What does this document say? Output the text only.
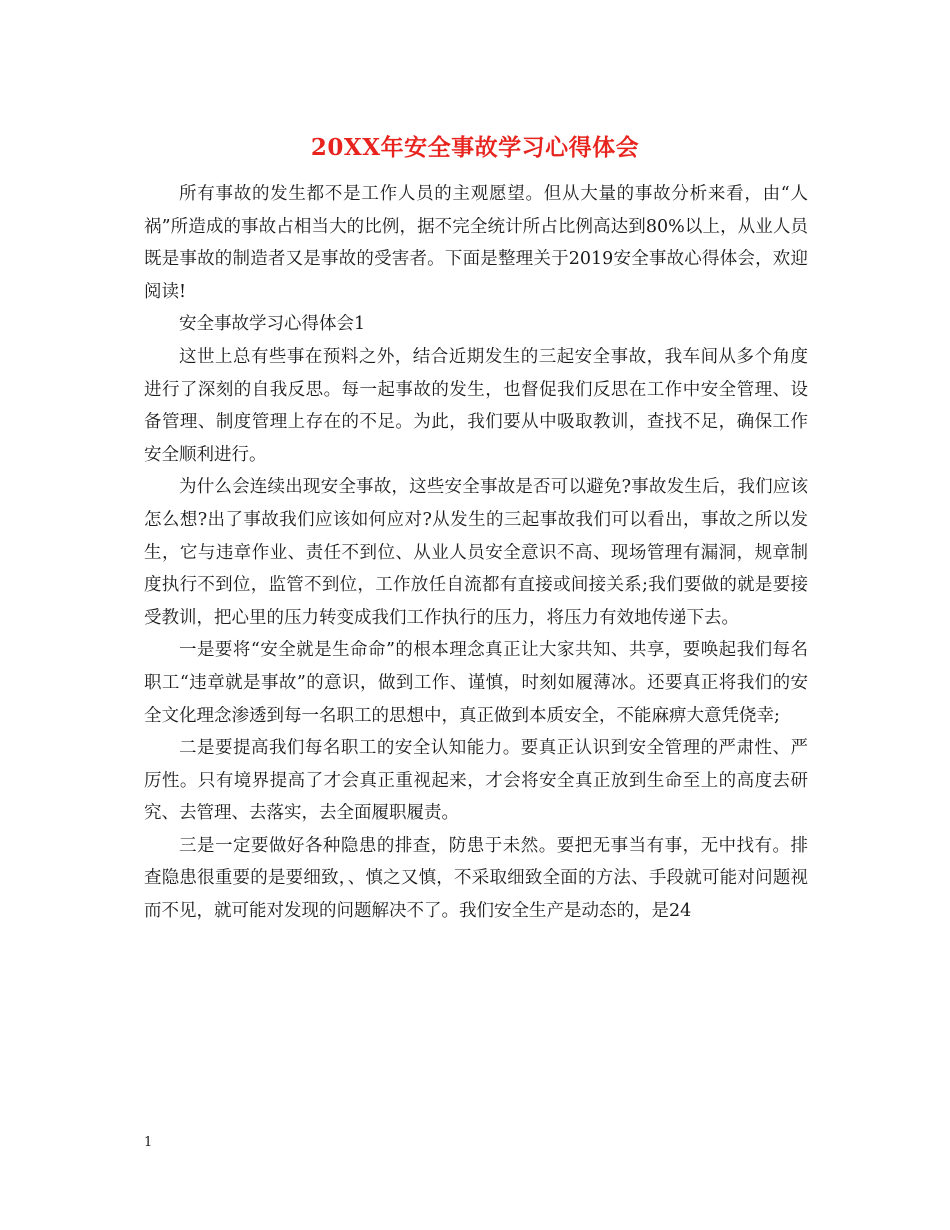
20XX年安全事故学习心得体会

所有事故的发生都不是工作人员的主观愿望。但从大量的事故分析来看，由“人祸”所造成的事故占相当大的比例，据不完全统计所占比例高达到80%以上，从业人员既是事故的制造者又是事故的受害者。下面是整理关于2019安全事故心得体会，欢迎阅读!

安全事故学习心得体会1

这世上总有些事在预料之外，结合近期发生的三起安全事故，我车间从多个角度进行了深刻的自我反思。每一起事故的发生，也督促我们反思在工作中安全管理、设备管理、制度管理上存在的不足。为此，我们要从中吸取教训，查找不足，确保工作安全顺利进行。

为什么会连续出现安全事故，这些安全事故是否可以避免?事故发生后，我们应该怎么想?出了事故我们应该如何应对?从发生的三起事故我们可以看出，事故之所以发生，它与违章作业、责任不到位、从业人员安全意识不高、现场管理有漏洞，规章制度执行不到位，监管不到位，工作放任自流都有直接或间接关系;我们要做的就是要接受教训，把心里的压力转变成我们工作执行的压力，将压力有效地传递下去。

一是要将“安全就是生命命”的根本理念真正让大家共知、共享，要唤起我们每名职工“违章就是事故”的意识，做到工作、谨慎，时刻如履薄冰。还要真正将我们的安全文化理念渗透到每一名职工的思想中，真正做到本质安全，不能麻痹大意凭侥幸;

二是要提高我们每名职工的安全认知能力。要真正认识到安全管理的严肃性、严厉性。只有境界提高了才会真正重视起来，才会将安全真正放到生命至上的高度去研究、去管理、去落实，去全面履职履责。

三是一定要做好各种隐患的排查，防患于未然。要把无事当有事，无中找有。排查隐患很重要的是要细致，、慎之又慎，不采取细致全面的方法、手段就可能对问题视而不见，就可能对发现的问题解决不了。我们安全生产是动态的，是24

1
